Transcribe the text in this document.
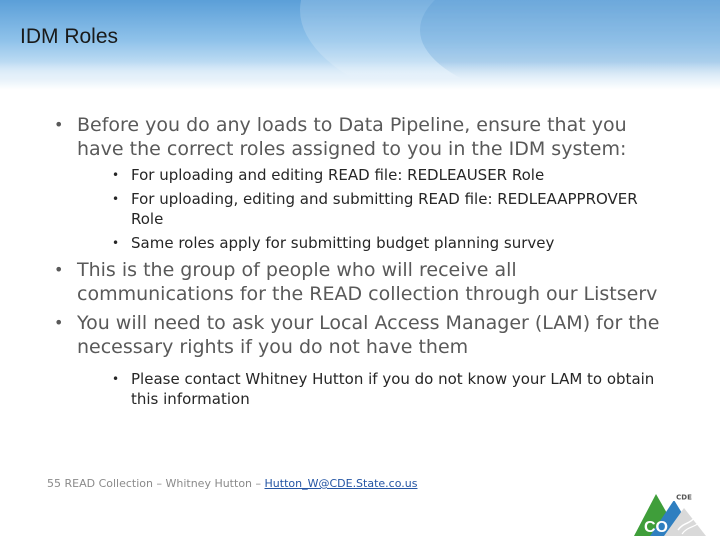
IDM Roles
• Before you do any loads to Data Pipeline, ensure that you have the correct roles assigned to you in the IDM system:
• For uploading and editing READ file: REDLEAUSER Role
• For uploading, editing and submitting READ file: REDLEAAPPROVER Role
• Same roles apply for submitting budget planning survey
• This is the group of people who will receive all communications for the READ collection through our Listserv
• You will need to ask your Local Access Manager (LAM) for the necessary rights if you do not have them
• Please contact Whitney Hutton if you do not know your LAM to obtain this information
55 READ Collection – Whitney Hutton – Hutton_W@CDE.State.co.us
CDE
CO
